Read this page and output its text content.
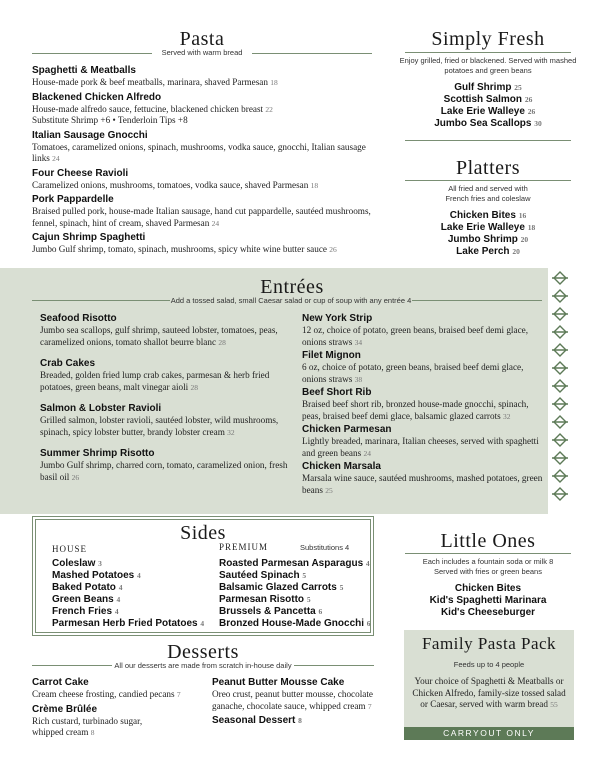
Pasta
Served with warm bread
Spaghetti & Meatballs
House-made pork & beef meatballs, marinara, shaved Parmesan 18
Blackened Chicken Alfredo
House-made alfredo sauce, fettucine, blackened chicken breast 22
Substitute Shrimp +6 • Tenderloin Tips +8
Italian Sausage Gnocchi
Tomatoes, caramelized onions, spinach, mushrooms, vodka sauce, gnocchi, Italian sausage links 24
Four Cheese Ravioli
Caramelized onions, mushrooms, tomatoes, vodka sauce, shaved Parmesan 18
Pork Pappardelle
Braised pulled pork, house-made Italian sausage, hand cut pappardelle, sautéed mushrooms, fennel, spinach, hint of cream, shaved Parmesan 24
Cajun Shrimp Spaghetti
Jumbo Gulf shrimp, tomato, spinach, mushrooms, spicy white wine butter sauce 26
Simply Fresh
Enjoy grilled, fried or blackened. Served with mashed potatoes and green beans
Gulf Shrimp 25
Scottish Salmon 26
Lake Erie Walleye 26
Jumbo Sea Scallops 30
Platters
All fried and served with French fries and coleslaw
Chicken Bites 16
Lake Erie Walleye 18
Jumbo Shrimp 20
Lake Perch 20
Entrées
Add a tossed salad, small Caesar salad or cup of soup with any entrée 4
Seafood Risotto
Jumbo sea scallops, gulf shrimp, sauteed lobster, tomatoes, peas, caramelized onions, tomato shallot beurre blanc 28
Crab Cakes
Breaded, golden fried lump crab cakes, parmesan & herb fried potatoes, green beans, malt vinegar aioli 28
Salmon & Lobster Ravioli
Grilled salmon, lobster ravioli, sautéed lobster, wild mushrooms, spinach, spicy lobster butter, brandy lobster cream 32
Summer Shrimp Risotto
Jumbo Gulf shrimp, charred corn, tomato, caramelized onion, fresh basil oil 26
New York Strip
12 oz, choice of potato, green beans, braised beef demi glace, onions straws 34
Filet Mignon
6 oz, choice of potato, green beans, braised beef demi glace, onions straws 38
Beef Short Rib
Braised beef short rib, bronzed house-made gnocchi, spinach, peas, braised beef demi glace, balsamic glazed carrots 32
Chicken Parmesan
Lightly breaded, marinara, Italian cheeses, served with spaghetti and green beans 24
Chicken Marsala
Marsala wine sauce, sautéed mushrooms, mashed potatoes, green beans 25
Sides
HOUSE	PREMIUM	Substitutions 4
Coleslaw 3
Mashed Potatoes 4
Baked Potato 4
Green Beans 4
French Fries 4
Parmesan Herb Fried Potatoes 4
Roasted Parmesan Asparagus 4
Sautéed Spinach 5
Balsamic Glazed Carrots 5
Parmesan Risotto 5
Brussels & Pancetta 6
Bronzed House-Made Gnocchi 6
Little Ones
Each includes a fountain soda or milk 8
Served with fries or green beans
Chicken Bites
Kid's Spaghetti Marinara
Kid's Cheeseburger
Desserts
All our desserts are made from scratch in-house daily
Carrot Cake
Cream cheese frosting, candied pecans 7
Crème Brûlée
Rich custard, turbinado sugar, whipped cream 8
Peanut Butter Mousse Cake
Oreo crust, peanut butter mousse, chocolate ganache, chocolate sauce, whipped cream 7
Seasonal Dessert 8
Family Pasta Pack
Feeds up to 4 people
Your choice of Spaghetti & Meatballs or Chicken Alfredo, family-size tossed salad or Caesar, served with warm bread 55
CARRYOUT ONLY
